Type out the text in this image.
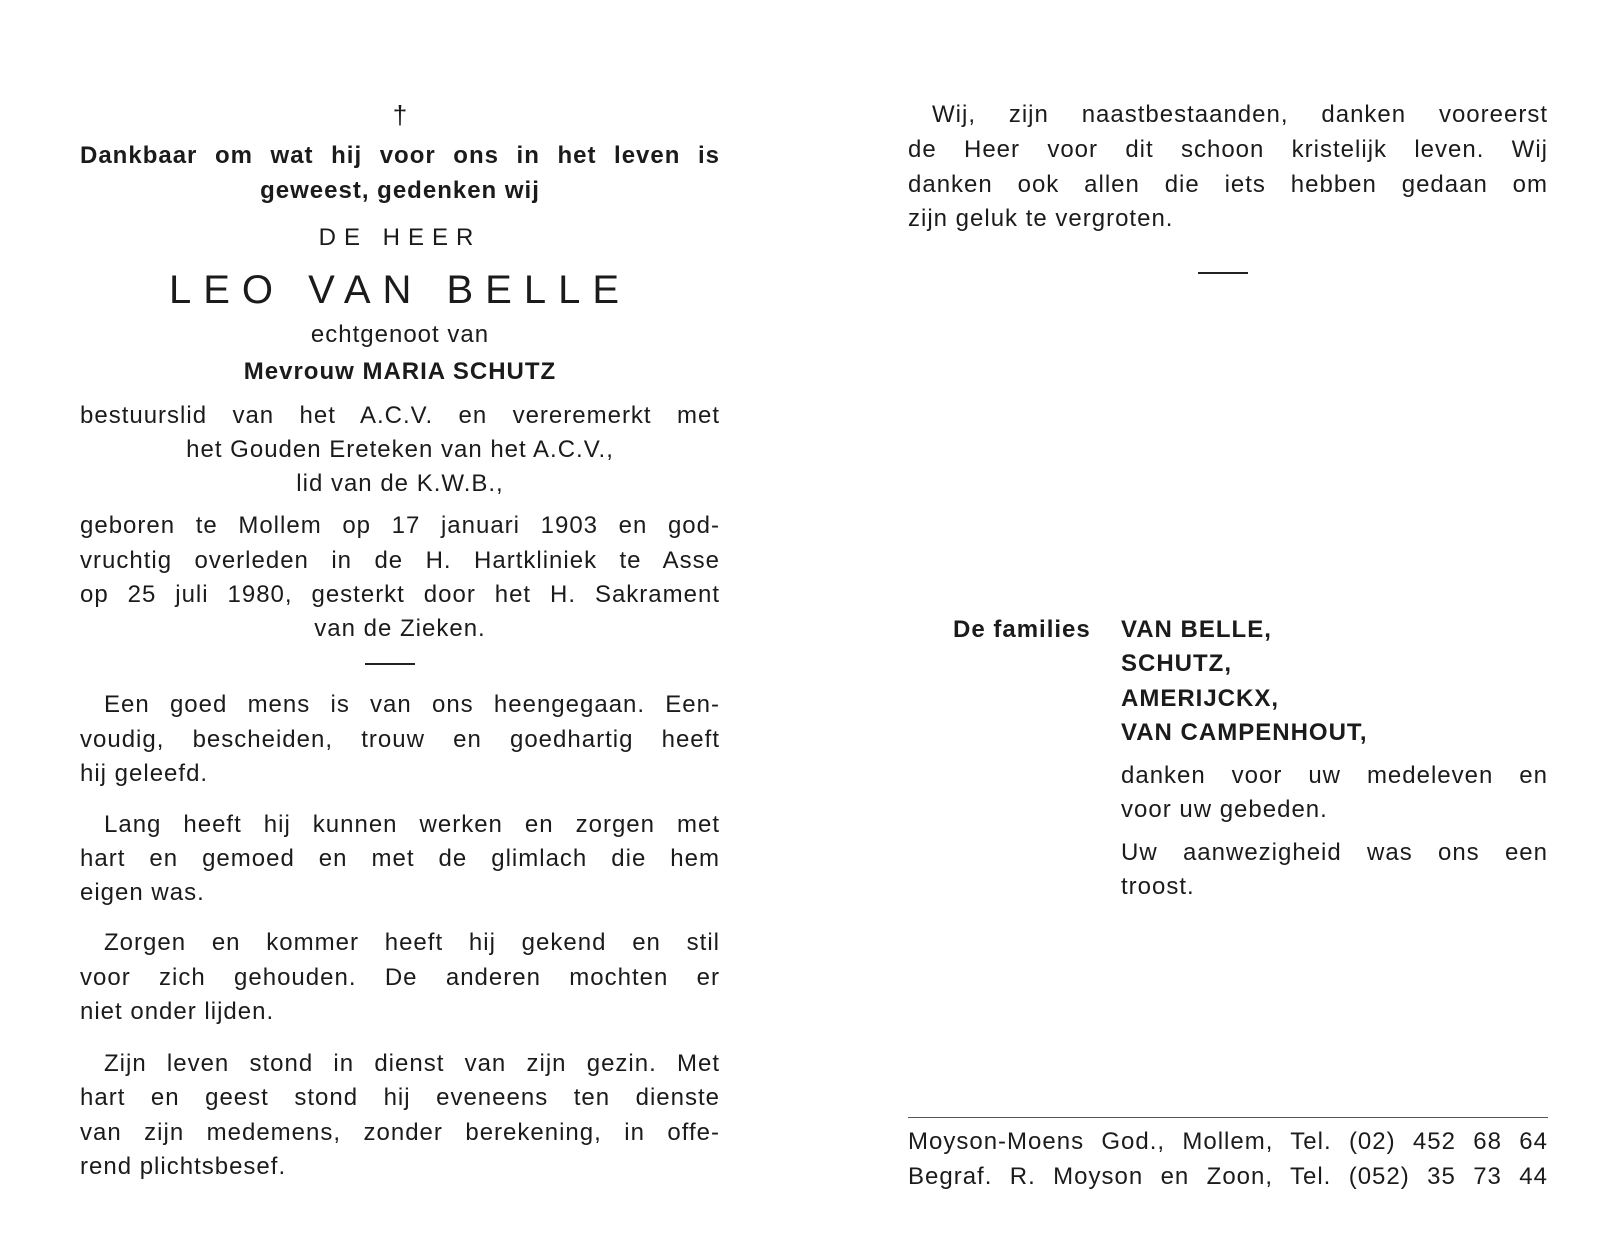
†
Dankbaar om wat hij voor ons in het leven is
geweest, gedenken wij
DE HEER
LEO VAN BELLE
echtgenoot van
Mevrouw MARIA SCHUTZ
bestuurslid van het A.C.V. en vereremerkt met
het Gouden Ereteken van het A.C.V.,
lid van de K.W.B.,
geboren te Mollem op 17 januari 1903 en god-
vruchtig overleden in de H. Hartkliniek te Asse
op 25 juli 1980, gesterkt door het H. Sakrament
van de Zieken.
Een goed mens is van ons heengegaan. Een-
voudig, bescheiden, trouw en goedhartig heeft
hij geleefd.
Lang heeft hij kunnen werken en zorgen met
hart en gemoed en met de glimlach die hem
eigen was.
Zorgen en kommer heeft hij gekend en stil
voor zich gehouden. De anderen mochten er
niet onder lijden.
Zijn leven stond in dienst van zijn gezin. Met
hart en geest stond hij eveneens ten dienste
van zijn medemens, zonder berekening, in offe-
rend plichtsbesef.
Wij, zijn naastbestaanden, danken vooreerst
de Heer voor dit schoon kristelijk leven. Wij
danken ook allen die iets hebben gedaan om
zijn geluk te vergroten.
De families VAN BELLE,
SCHUTZ,
AMERIJCKX,
VAN CAMPENHOUT,
danken voor uw medeleven en
voor uw gebeden.
Uw aanwezigheid was ons een
troost.
Moyson-Moens God., Mollem, Tel. (02) 452 68 64
Begraf. R. Moyson en Zoon, Tel. (052) 35 73 44
